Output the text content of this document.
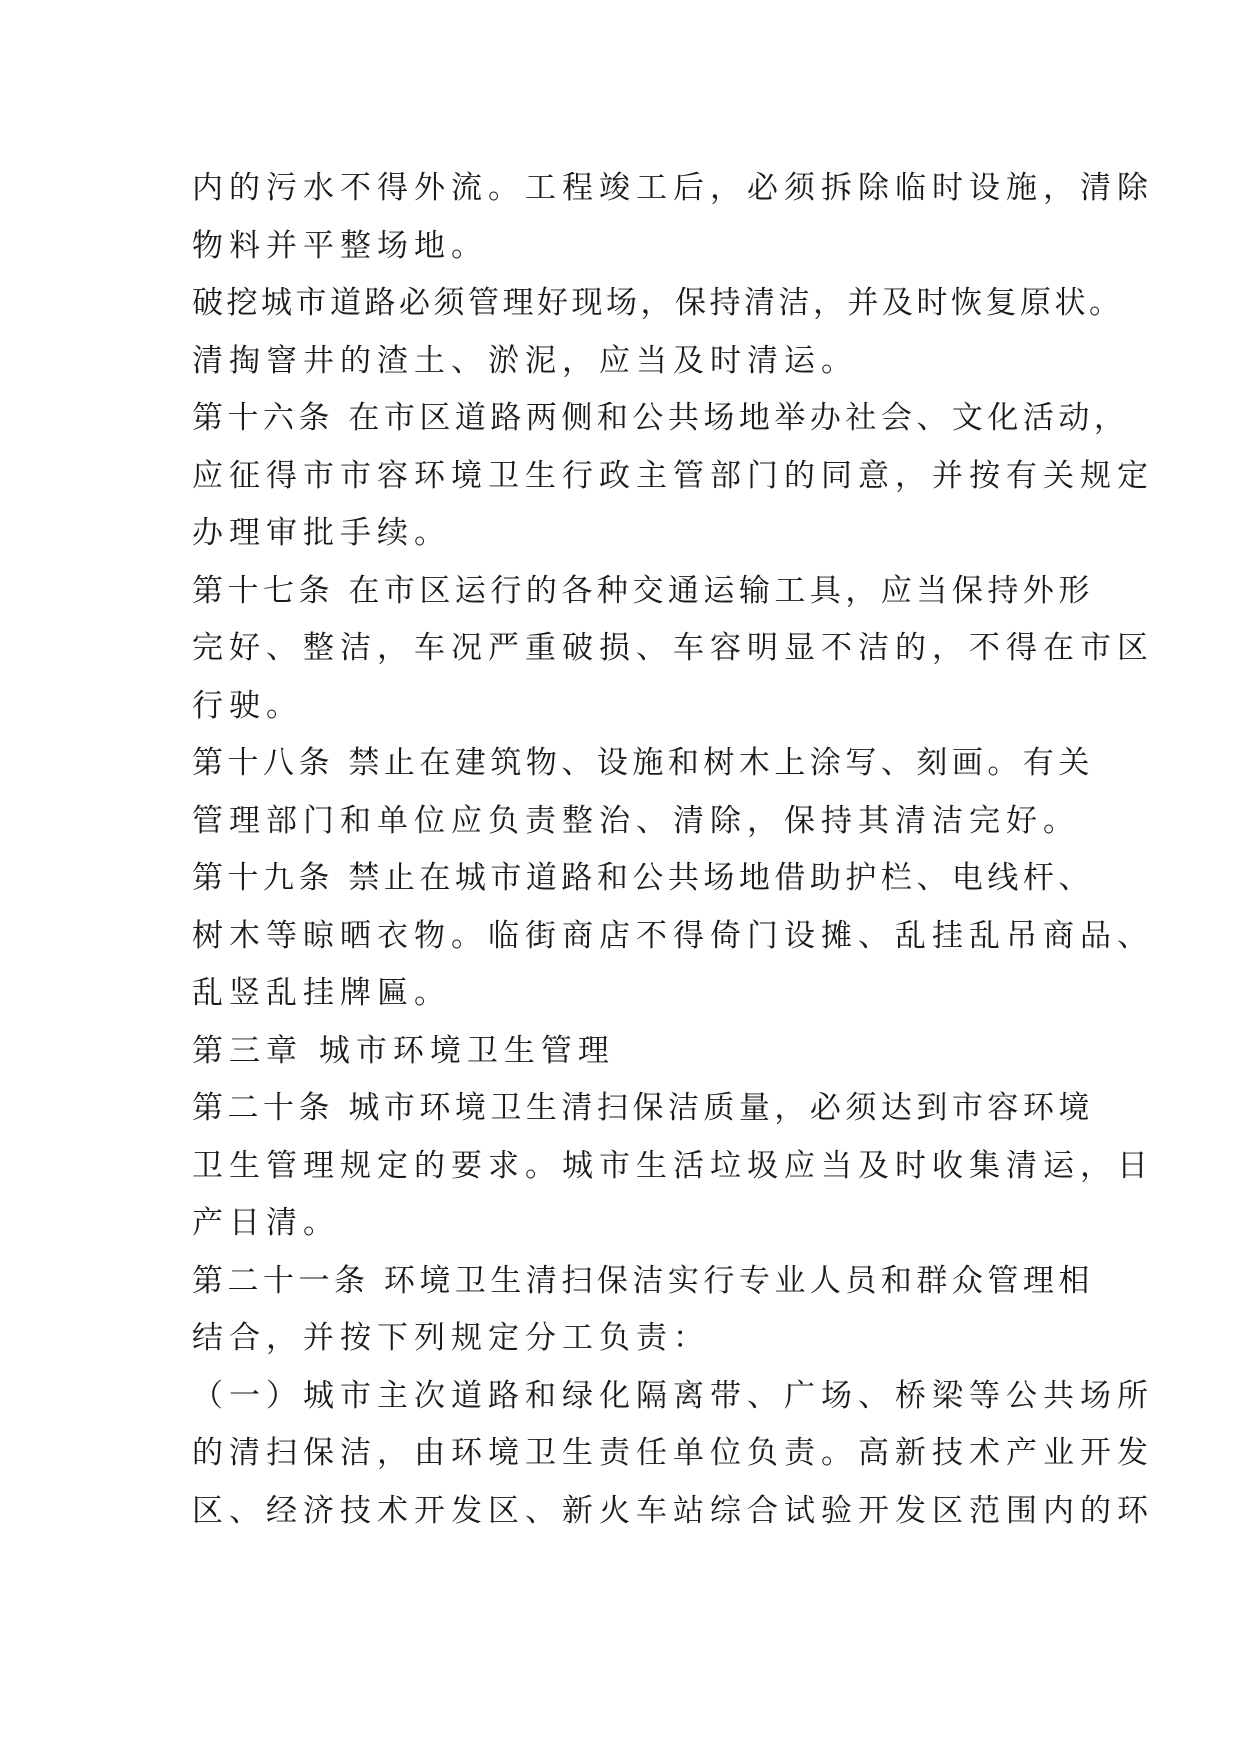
内的污水不得外流。工程竣工后，必须拆除临时设施，清除
物料并平整场地。
破挖城市道路必须管理好现场，保持清洁，并及时恢复原状。
清掏窨井的渣土、淤泥，应当及时清运。
第十六条 在市区道路两侧和公共场地举办社会、文化活动，
应征得市市容环境卫生行政主管部门的同意，并按有关规定
办理审批手续。
第十七条 在市区运行的各种交通运输工具，应当保持外形
完好、整洁，车况严重破损、车容明显不洁的，不得在市区
行驶。
第十八条 禁止在建筑物、设施和树木上涂写、刻画。有关
管理部门和单位应负责整治、清除，保持其清洁完好。
第十九条 禁止在城市道路和公共场地借助护栏、电线杆、
树木等晾晒衣物。临街商店不得倚门设摊、乱挂乱吊商品、
乱竖乱挂牌匾。
第三章 城市环境卫生管理
第二十条 城市环境卫生清扫保洁质量，必须达到市容环境
卫生管理规定的要求。城市生活垃圾应当及时收集清运，日
产日清。
第二十一条 环境卫生清扫保洁实行专业人员和群众管理相
结合，并按下列规定分工负责：
（一）城市主次道路和绿化隔离带、广场、桥梁等公共场所
的清扫保洁，由环境卫生责任单位负责。高新技术产业开发
区、经济技术开发区、新火车站综合试验开发区范围内的环
